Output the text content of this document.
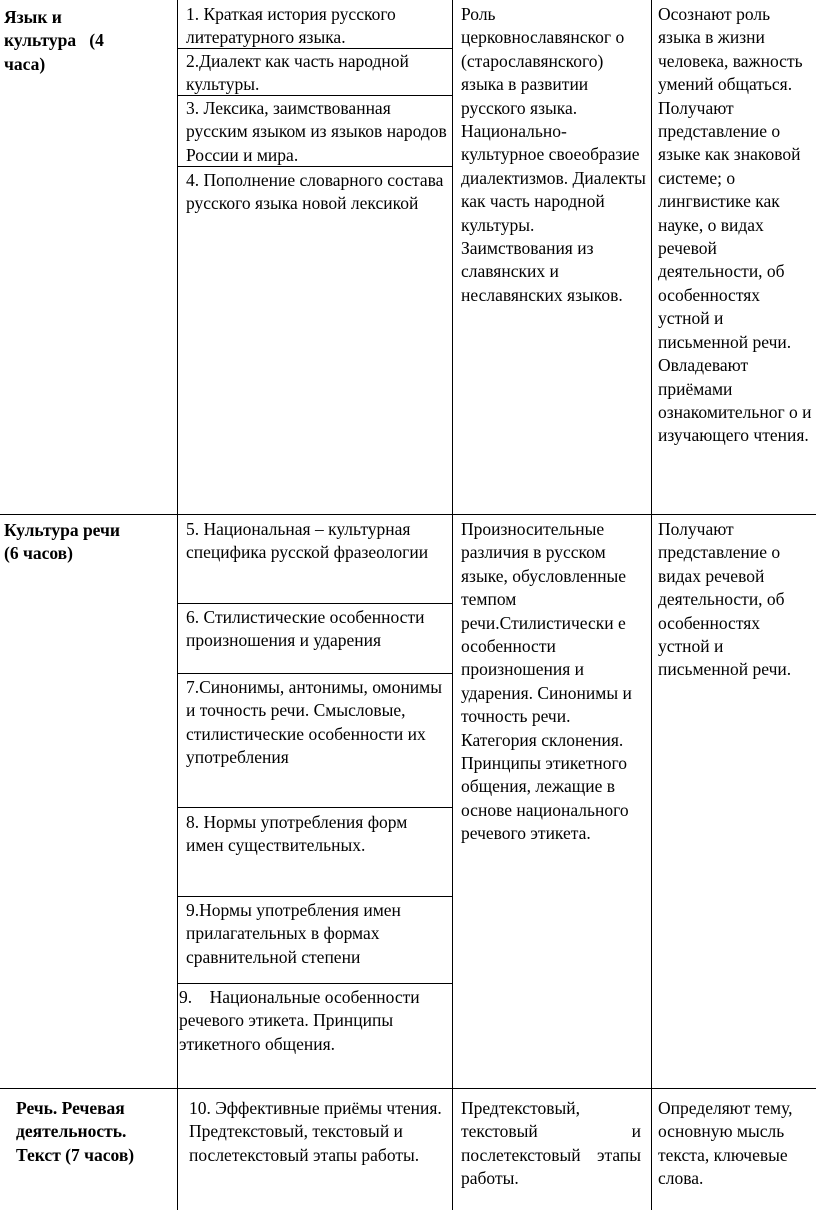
Язык и

культура   (4

часа)

1. Краткая история русского литературного языка.
2.Диалект как часть народной культуры.
3. Лексика, заимствованная русским языком из языков народов России и мира.
4. Пополнение словарного состава русского языка новой лексикой
Роль церковнославянског о (старославянского) языка в развитии русского языка. Национально-культурное своеобразие диалектизмов. Диалекты как часть народной культуры. Заимствования из славянских и неславянских языков.
Осознают роль языка в жизни человека, важность умений общаться. Получают представление о языке как знаковой системе; о лингвистике как науке, о видах речевой деятельности, об особенностях устной и письменной речи. Овладевают приёмами ознакомительног о и изучающего чтения.

Культура речи

(6 часов)

5. Национальная – культурная специфика русской фразеологии
6. Стилистические особенности произношения и ударения
7.Синонимы, антонимы, омонимы и точность речи. Смысловые, стилистические особенности их употребления
8. Нормы употребления форм имен существительных.
9.Нормы употребления имен прилагательных в формах сравнительной степени
9.    Национальные особенности речевого этикета. Принципы этикетного общения.
Произносительные различия в русском языке, обусловленные темпом речи.Стилистически е особенности произношения и ударения. Синонимы и точность речи. Категория склонения. Принципы этикетного общения, лежащие в основе национального речевого этикета.
Получают представление о видах речевой деятельности, об особенностях устной и письменной речи.

Речь. Речевая

деятельность.

Текст (7 часов)

10. Эффективные приёмы чтения. Предтекстовый, текстовый и послетекстовый этапы работы.
Предтекстовый, текстовый и послетекстовый этапы работы.
Определяют тему, основную мысль текста, ключевые слова.
